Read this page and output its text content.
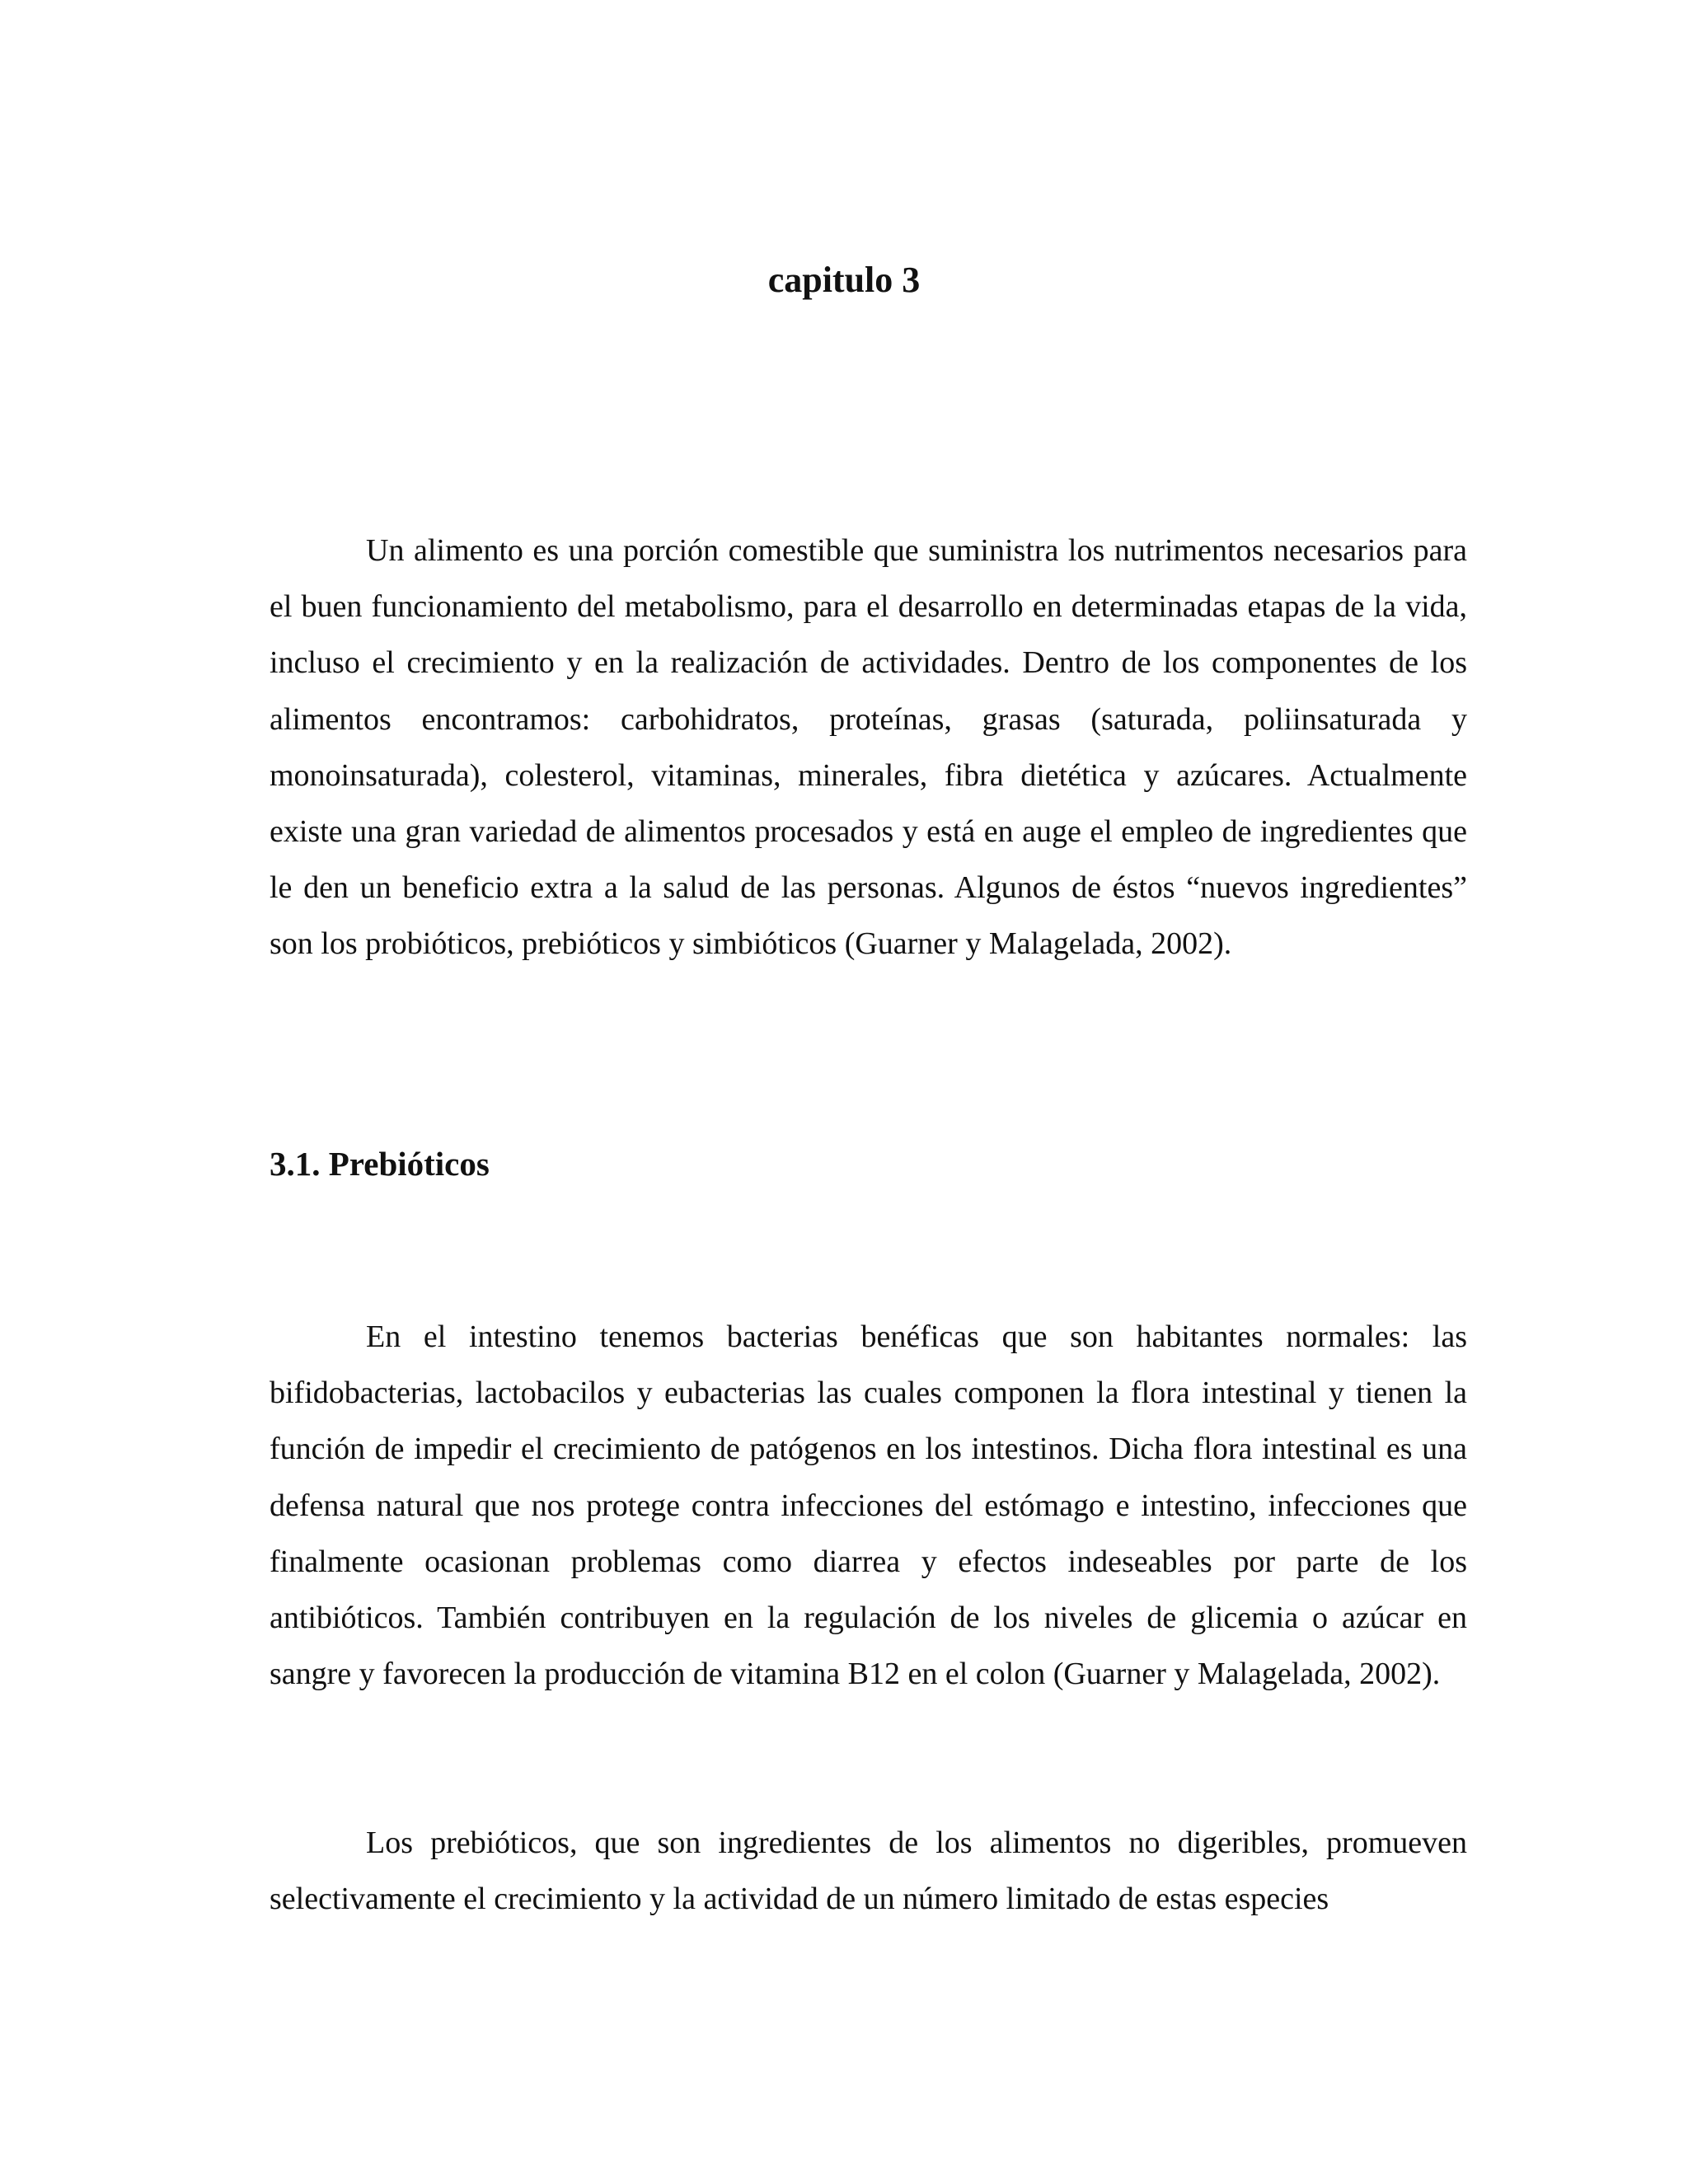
capitulo 3

Un alimento es una porción comestible que suministra los nutrimentos necesarios para el buen funcionamiento del metabolismo, para el desarrollo en determinadas etapas de la vida, incluso el crecimiento y en la realización de actividades. Dentro de los componentes de los alimentos encontramos: carbohidratos, proteínas, grasas (saturada, poliinsaturada y monoinsaturada), colesterol, vitaminas, minerales, fibra dietética y azúcares. Actualmente existe una gran variedad de alimentos procesados y está en auge el empleo de ingredientes que le den un beneficio extra a la salud de las personas. Algunos de éstos “nuevos ingredientes” son los probióticos, prebióticos y simbióticos (Guarner y Malagelada, 2002).

3.1. Prebióticos

En el intestino tenemos bacterias benéficas que son habitantes normales: las bifidobacterias, lactobacilos y eubacterias las cuales componen la flora intestinal y tienen la función de impedir el crecimiento de patógenos en los intestinos. Dicha flora intestinal es una defensa natural que nos protege contra infecciones del estómago e intestino, infecciones que finalmente ocasionan problemas como diarrea y efectos indeseables por parte de los antibióticos. También contribuyen en la regulación de los niveles de glicemia o azúcar en sangre y favorecen la producción de vitamina B12 en el colon (Guarner y Malagelada, 2002).

Los prebióticos, que son ingredientes de los alimentos no digeribles, promueven selectivamente el crecimiento y la actividad de un número limitado de estas especies
